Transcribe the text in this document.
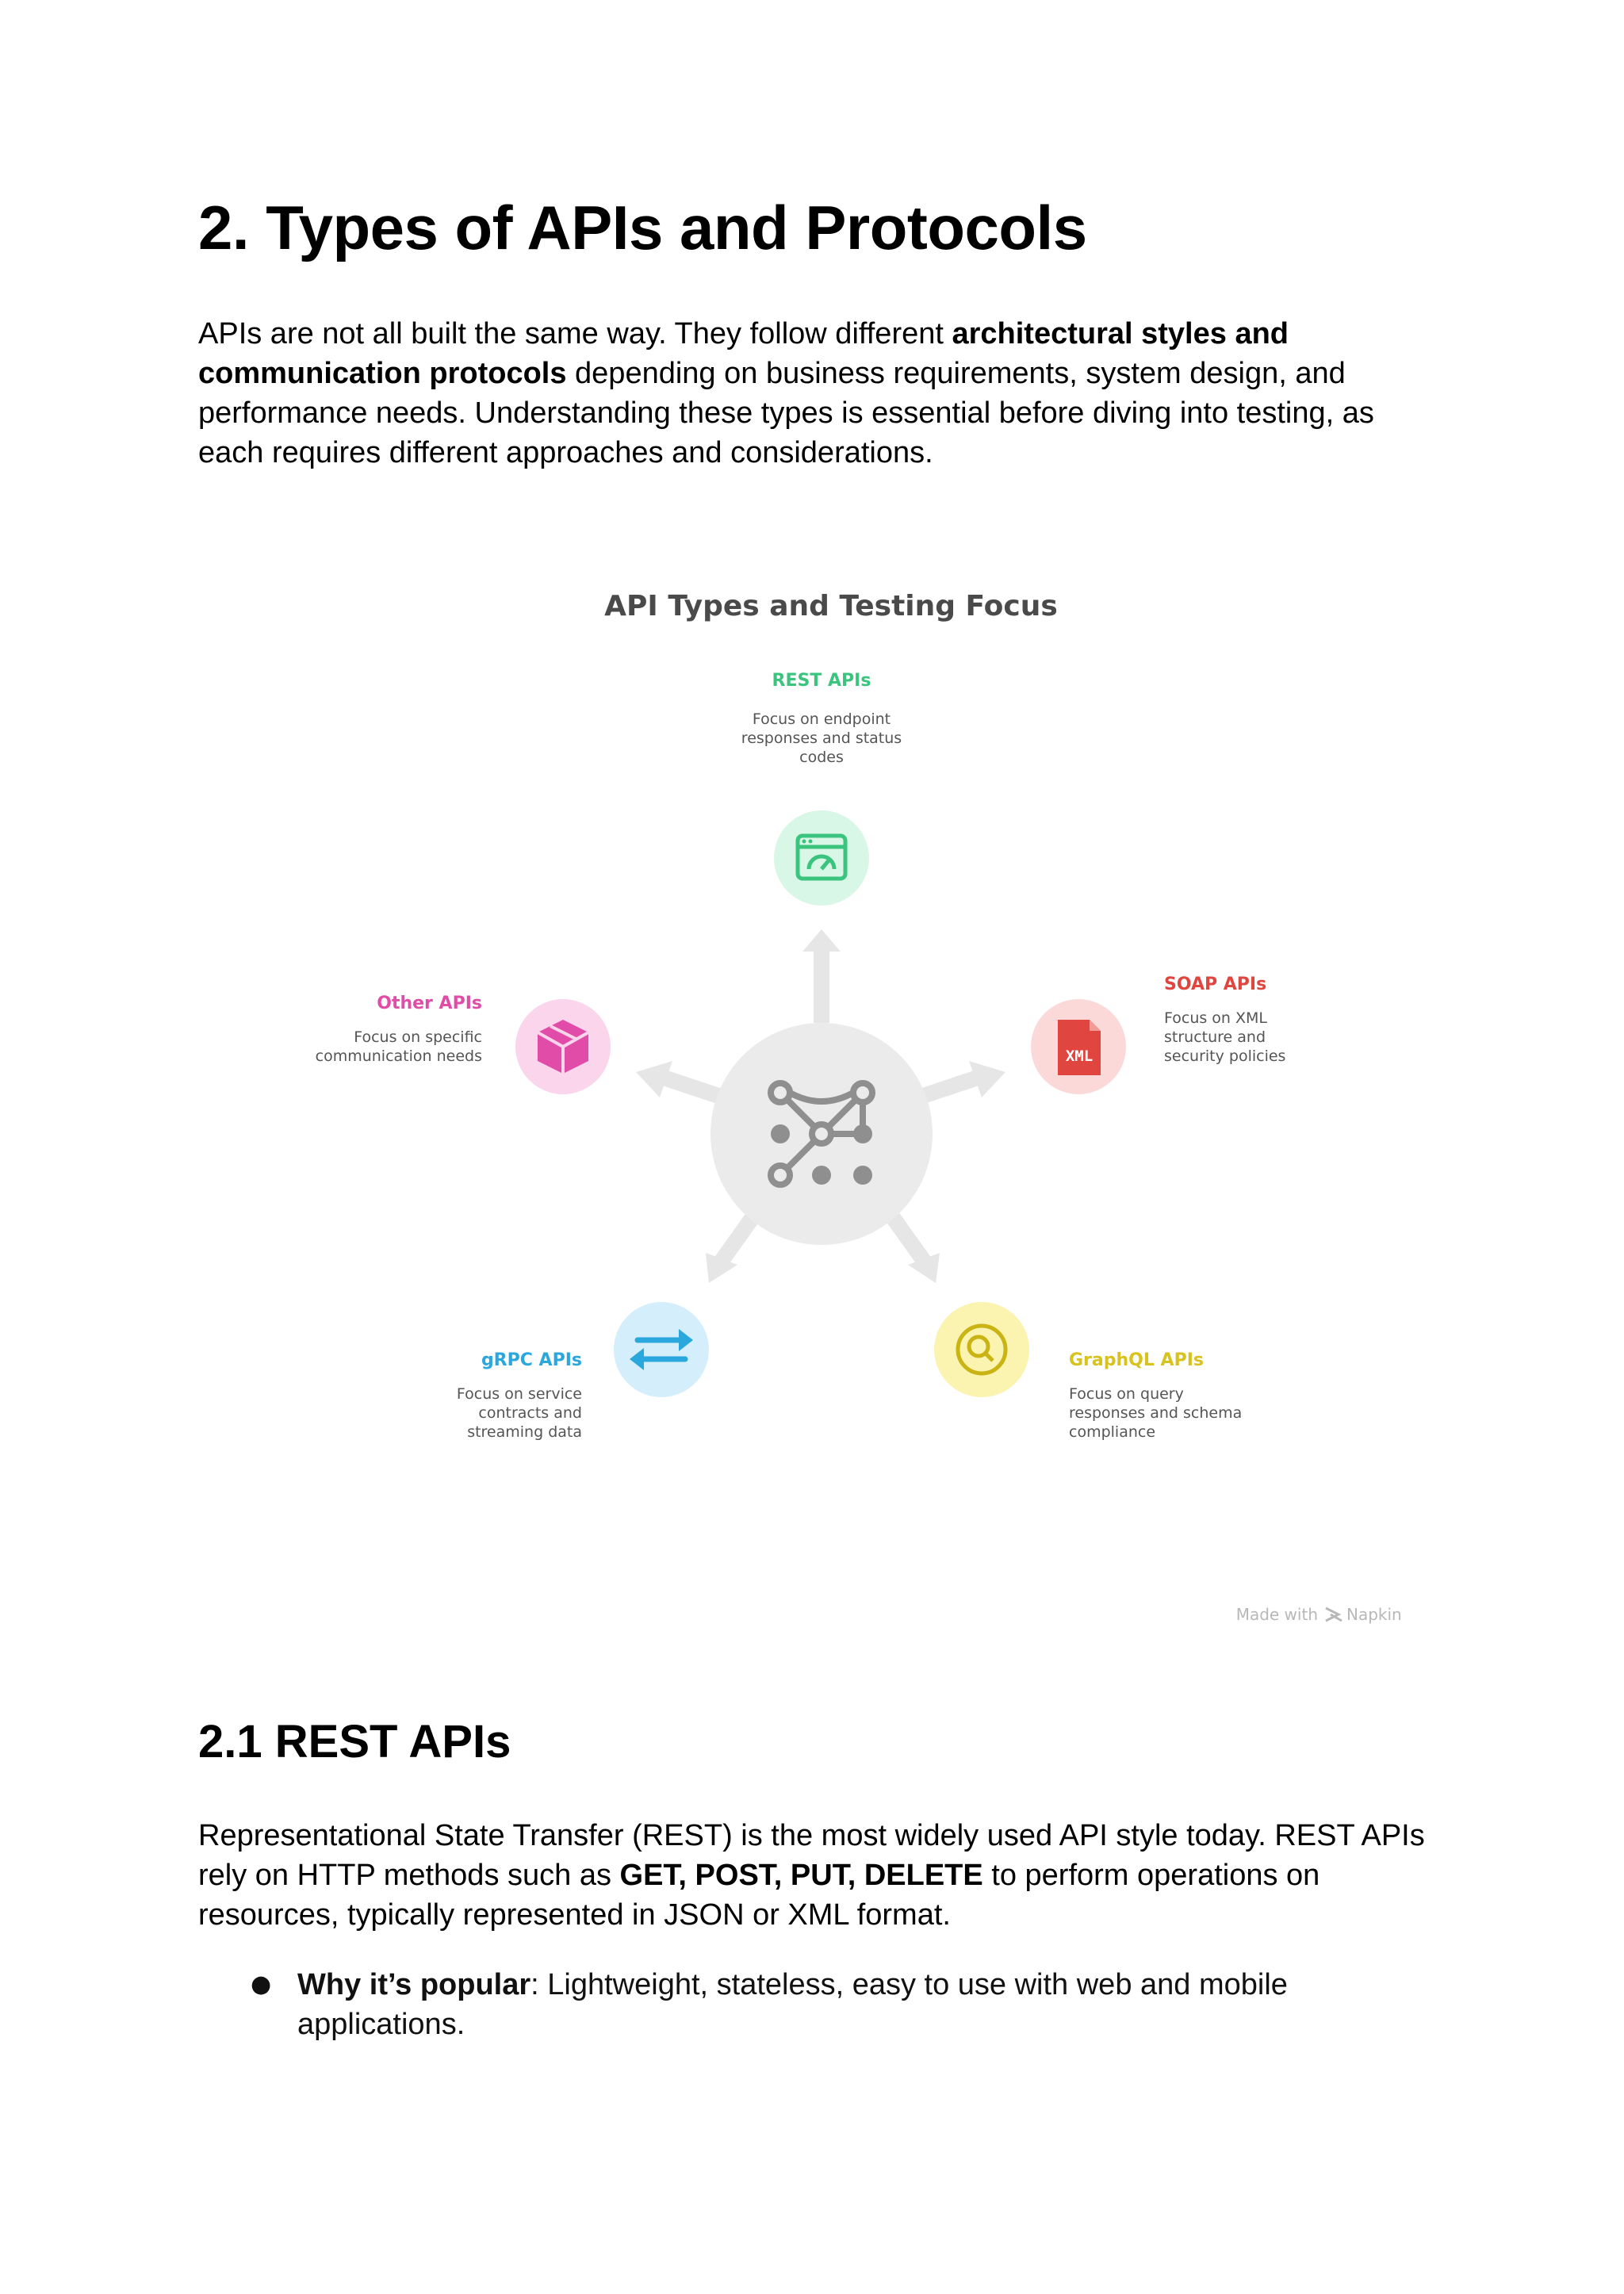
2. Types of APIs and Protocols

APIs are not all built the same way. They follow different architectural styles and communication protocols depending on business requirements, system design, and performance needs. Understanding these types is essential before diving into testing, as each requires different approaches and considerations.

API Types and Testing Focus
REST APIs
Focus on endpoint
responses and status
codes
XML
SOAP APIs
Focus on XML
structure and
security policies
GraphQL APIs
Focus on query
responses and schema
compliance
gRPC APIs
Focus on service
contracts and
streaming data
Other APIs
Focus on specific
communication needs
Made with Napkin
2.1 REST APIs

Representational State Transfer (REST) is the most widely used API style today. REST APIs rely on HTTP methods such as GET, POST, PUT, DELETE to perform operations on resources, typically represented in JSON or XML format.

● Why it’s popular: Lightweight, stateless, easy to use with web and mobile applications.
